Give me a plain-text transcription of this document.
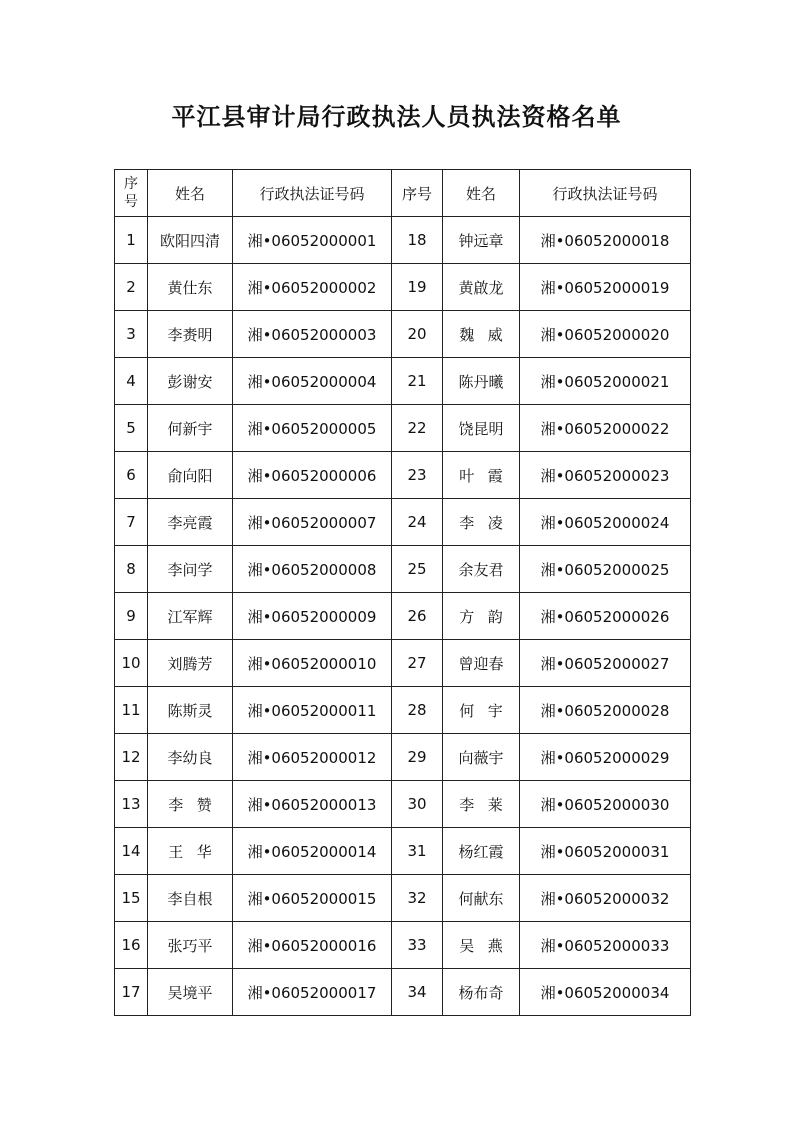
平江县审计局行政执法人员执法资格名单
序
号	姓名	行政执法证号码	序号	姓名	行政执法证号码
1	欧阳四清	湘•06052000001	18	钟远章	湘•06052000018
2	黄仕东	湘•06052000002	19	黄啟龙	湘•06052000019
3	李赉明	湘•06052000003	20	魏威	湘•06052000020
4	彭谢安	湘•06052000004	21	陈丹曦	湘•06052000021
5	何新宇	湘•06052000005	22	饶昆明	湘•06052000022
6	俞向阳	湘•06052000006	23	叶霞	湘•06052000023
7	李亮霞	湘•06052000007	24	李凌	湘•06052000024
8	李问学	湘•06052000008	25	余友君	湘•06052000025
9	江军辉	湘•06052000009	26	方韵	湘•06052000026
10	刘腾芳	湘•06052000010	27	曾迎春	湘•06052000027
11	陈斯灵	湘•06052000011	28	何宇	湘•06052000028
12	李幼良	湘•06052000012	29	向薇宇	湘•06052000029
13	李赞	湘•06052000013	30	李莱	湘•06052000030
14	王华	湘•06052000014	31	杨红霞	湘•06052000031
15	李自根	湘•06052000015	32	何献东	湘•06052000032
16	张巧平	湘•06052000016	33	吴燕	湘•06052000033
17	吴境平	湘•06052000017	34	杨布奇	湘•06052000034
